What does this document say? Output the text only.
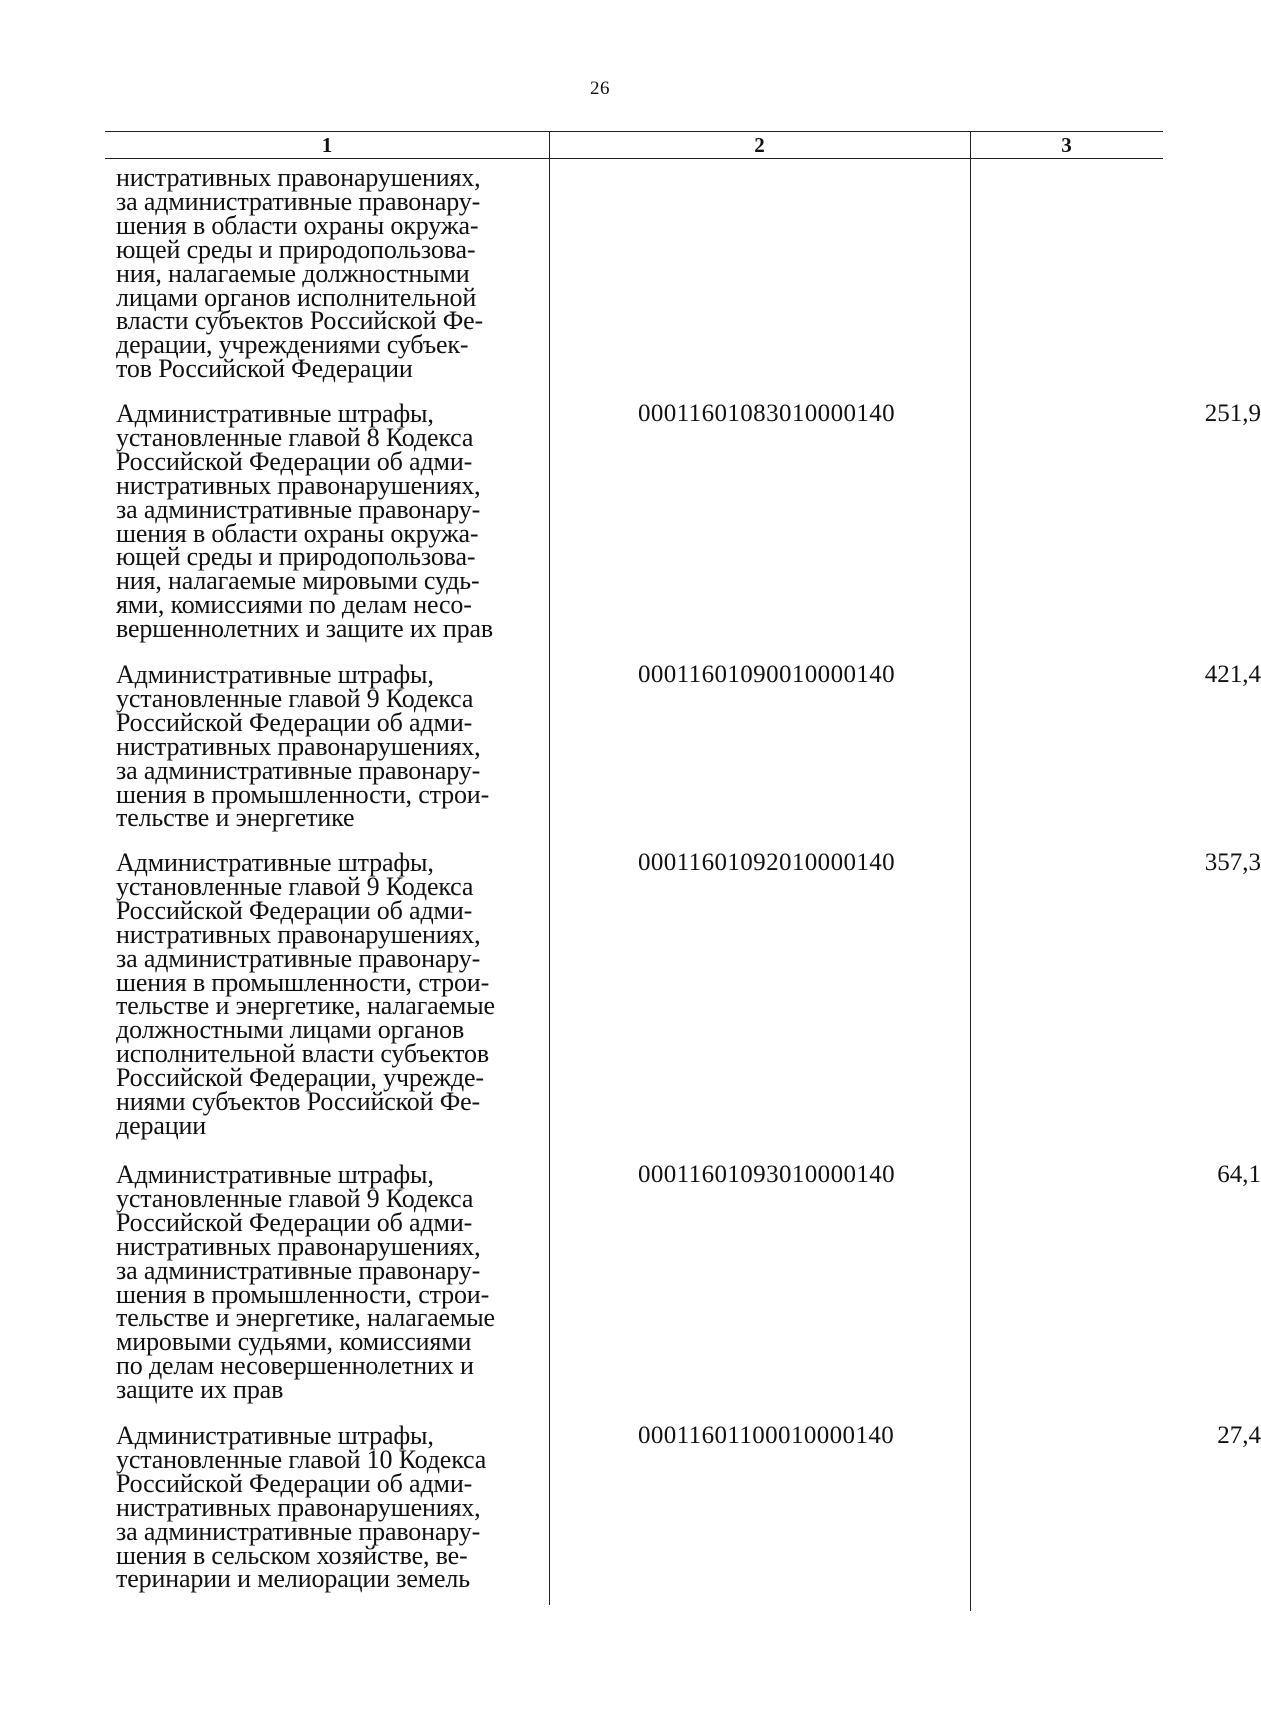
26
1	2	3
нистративных правонарушениях,
за административные правонару-
шения в области охраны окружа-
ющей среды и природопользова-
ния, налагаемые должностными
лицами органов исполнительной
власти субъектов Российской Фе-
дерации, учреждениями субъек-
тов Российской Федерации
Административные штрафы,
установленные главой 8 Кодекса
Российской Федерации об адми-
нистративных правонарушениях,
за административные правонару-
шения в области охраны окружа-
ющей среды и природопользова-
ния, налагаемые мировыми судь-
ями, комиссиями по делам несо-
вершеннолетних и защите их прав
00011601083010000140	251,9
Административные штрафы,
установленные главой 9 Кодекса
Российской Федерации об адми-
нистративных правонарушениях,
за административные правонару-
шения в промышленности, строи-
тельстве и энергетике
00011601090010000140	421,4
Административные штрафы,
установленные главой 9 Кодекса
Российской Федерации об адми-
нистративных правонарушениях,
за административные правонару-
шения в промышленности, строи-
тельстве и энергетике, налагаемые
должностными лицами органов
исполнительной власти субъектов
Российской Федерации, учрежде-
ниями субъектов Российской Фе-
дерации
00011601092010000140	357,3
Административные штрафы,
установленные главой 9 Кодекса
Российской Федерации об адми-
нистративных правонарушениях,
за административные правонару-
шения в промышленности, строи-
тельстве и энергетике, налагаемые
мировыми судьями, комиссиями
по делам несовершеннолетних и
защите их прав
00011601093010000140	64,1
Административные штрафы,
установленные главой 10 Кодекса
Российской Федерации об адми-
нистративных правонарушениях,
за административные правонару-
шения в сельском хозяйстве, ве-
теринарии и мелиорации земель
00011601100010000140	27,4
